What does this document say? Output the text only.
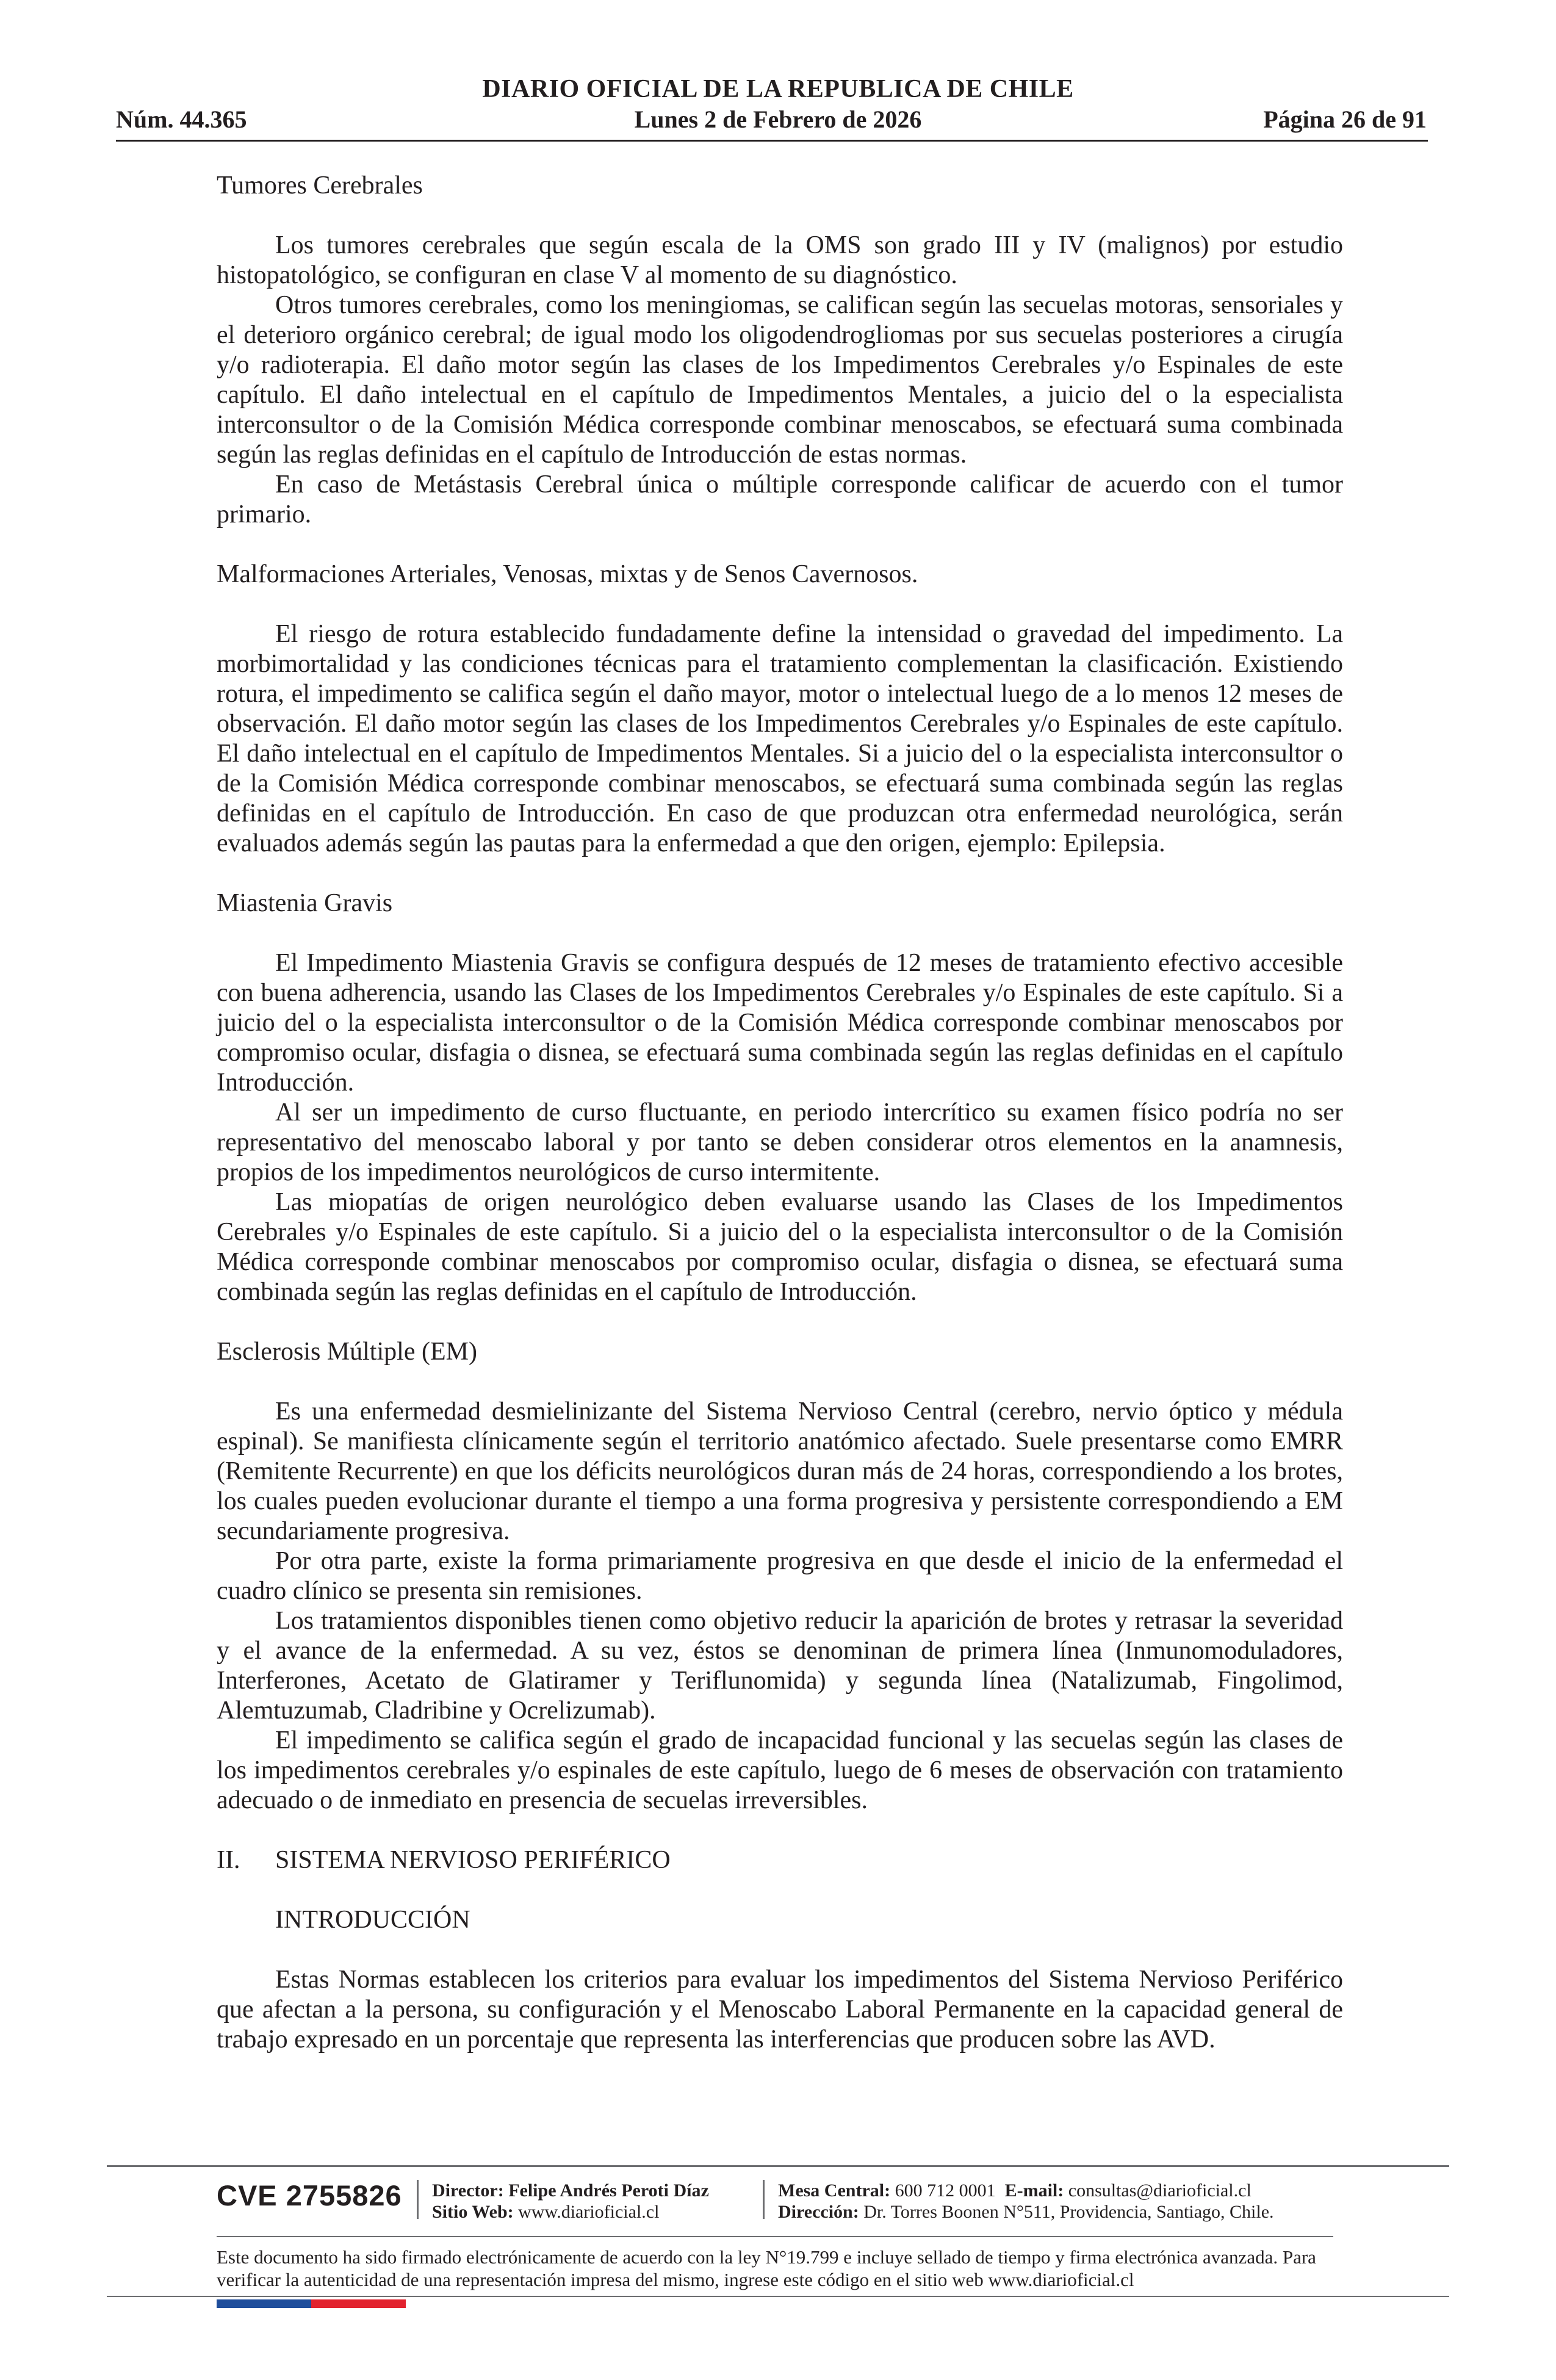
DIARIO OFICIAL DE LA REPUBLICA DE CHILE
Núm. 44.365	Lunes 2 de Febrero de 2026	Página 26 de 91

Tumores Cerebrales

Los tumores cerebrales que según escala de la OMS son grado III y IV (malignos) por estudio histopatológico, se configuran en clase V al momento de su diagnóstico.

Otros tumores cerebrales, como los meningiomas, se califican según las secuelas motoras, sensoriales y el deterioro orgánico cerebral; de igual modo los oligodendrogliomas por sus secuelas posteriores a cirugía y/o radioterapia. El daño motor según las clases de los Impedimentos Cerebrales y/o Espinales de este capítulo. El daño intelectual en el capítulo de Impedimentos Mentales, a juicio del o la especialista interconsultor o de la Comisión Médica corresponde combinar menoscabos, se efectuará suma combinada según las reglas definidas en el capítulo de Introducción de estas normas.

En caso de Metástasis Cerebral única o múltiple corresponde calificar de acuerdo con el tumor primario.

Malformaciones Arteriales, Venosas, mixtas y de Senos Cavernosos.

El riesgo de rotura establecido fundadamente define la intensidad o gravedad del impedimento. La morbimortalidad y las condiciones técnicas para el tratamiento complementan la clasificación. Existiendo rotura, el impedimento se califica según el daño mayor, motor o intelectual luego de a lo menos 12 meses de observación. El daño motor según las clases de los Impedimentos Cerebrales y/o Espinales de este capítulo. El daño intelectual en el capítulo de Impedimentos Mentales. Si a juicio del o la especialista interconsultor o de la Comisión Médica corresponde combinar menoscabos, se efectuará suma combinada según las reglas definidas en el capítulo de Introducción. En caso de que produzcan otra enfermedad neurológica, serán evaluados además según las pautas para la enfermedad a que den origen, ejemplo: Epilepsia.

Miastenia Gravis

El Impedimento Miastenia Gravis se configura después de 12 meses de tratamiento efectivo accesible con buena adherencia, usando las Clases de los Impedimentos Cerebrales y/o Espinales de este capítulo. Si a juicio del o la especialista interconsultor o de la Comisión Médica corresponde combinar menoscabos por compromiso ocular, disfagia o disnea, se efectuará suma combinada según las reglas definidas en el capítulo Introducción.

Al ser un impedimento de curso fluctuante, en periodo intercrítico su examen físico podría no ser representativo del menoscabo laboral y por tanto se deben considerar otros elementos en la anamnesis, propios de los impedimentos neurológicos de curso intermitente.

Las miopatías de origen neurológico deben evaluarse usando las Clases de los Impedimentos Cerebrales y/o Espinales de este capítulo. Si a juicio del o la especialista interconsultor o de la Comisión Médica corresponde combinar menoscabos por compromiso ocular, disfagia o disnea, se efectuará suma combinada según las reglas definidas en el capítulo de Introducción.

Esclerosis Múltiple (EM)

Es una enfermedad desmielinizante del Sistema Nervioso Central (cerebro, nervio óptico y médula espinal). Se manifiesta clínicamente según el territorio anatómico afectado. Suele presentarse como EMRR (Remitente Recurrente) en que los déficits neurológicos duran más de 24 horas, correspondiendo a los brotes, los cuales pueden evolucionar durante el tiempo a una forma progresiva y persistente correspondiendo a EM secundariamente progresiva.

Por otra parte, existe la forma primariamente progresiva en que desde el inicio de la enfermedad el cuadro clínico se presenta sin remisiones.

Los tratamientos disponibles tienen como objetivo reducir la aparición de brotes y retrasar la severidad y el avance de la enfermedad. A su vez, éstos se denominan de primera línea (Inmunomoduladores, Interferones, Acetato de Glatiramer y Teriflunomida) y segunda línea (Natalizumab, Fingolimod, Alemtuzumab, Cladribine y Ocrelizumab).

El impedimento se califica según el grado de incapacidad funcional y las secuelas según las clases de los impedimentos cerebrales y/o espinales de este capítulo, luego de 6 meses de observación con tratamiento adecuado o de inmediato en presencia de secuelas irreversibles.

II. SISTEMA NERVIOSO PERIFÉRICO

INTRODUCCIÓN

Estas Normas establecen los criterios para evaluar los impedimentos del Sistema Nervioso Periférico que afectan a la persona, su configuración y el Menoscabo Laboral Permanente en la capacidad general de trabajo expresado en un porcentaje que representa las interferencias que producen sobre las AVD.

CVE 2755826 Director: Felipe Andrés Peroti Díaz
Sitio Web: www.diarioficial.cl
Mesa Central: 600 712 0001 E-mail: consultas@diarioficial.cl
Dirección: Dr. Torres Boonen N°511, Providencia, Santiago, Chile.
Este documento ha sido firmado electrónicamente de acuerdo con la ley N°19.799 e incluye sellado de tiempo y firma electrónica avanzada. Para verificar la autenticidad de una representación impresa del mismo, ingrese este código en el sitio web www.diarioficial.cl
